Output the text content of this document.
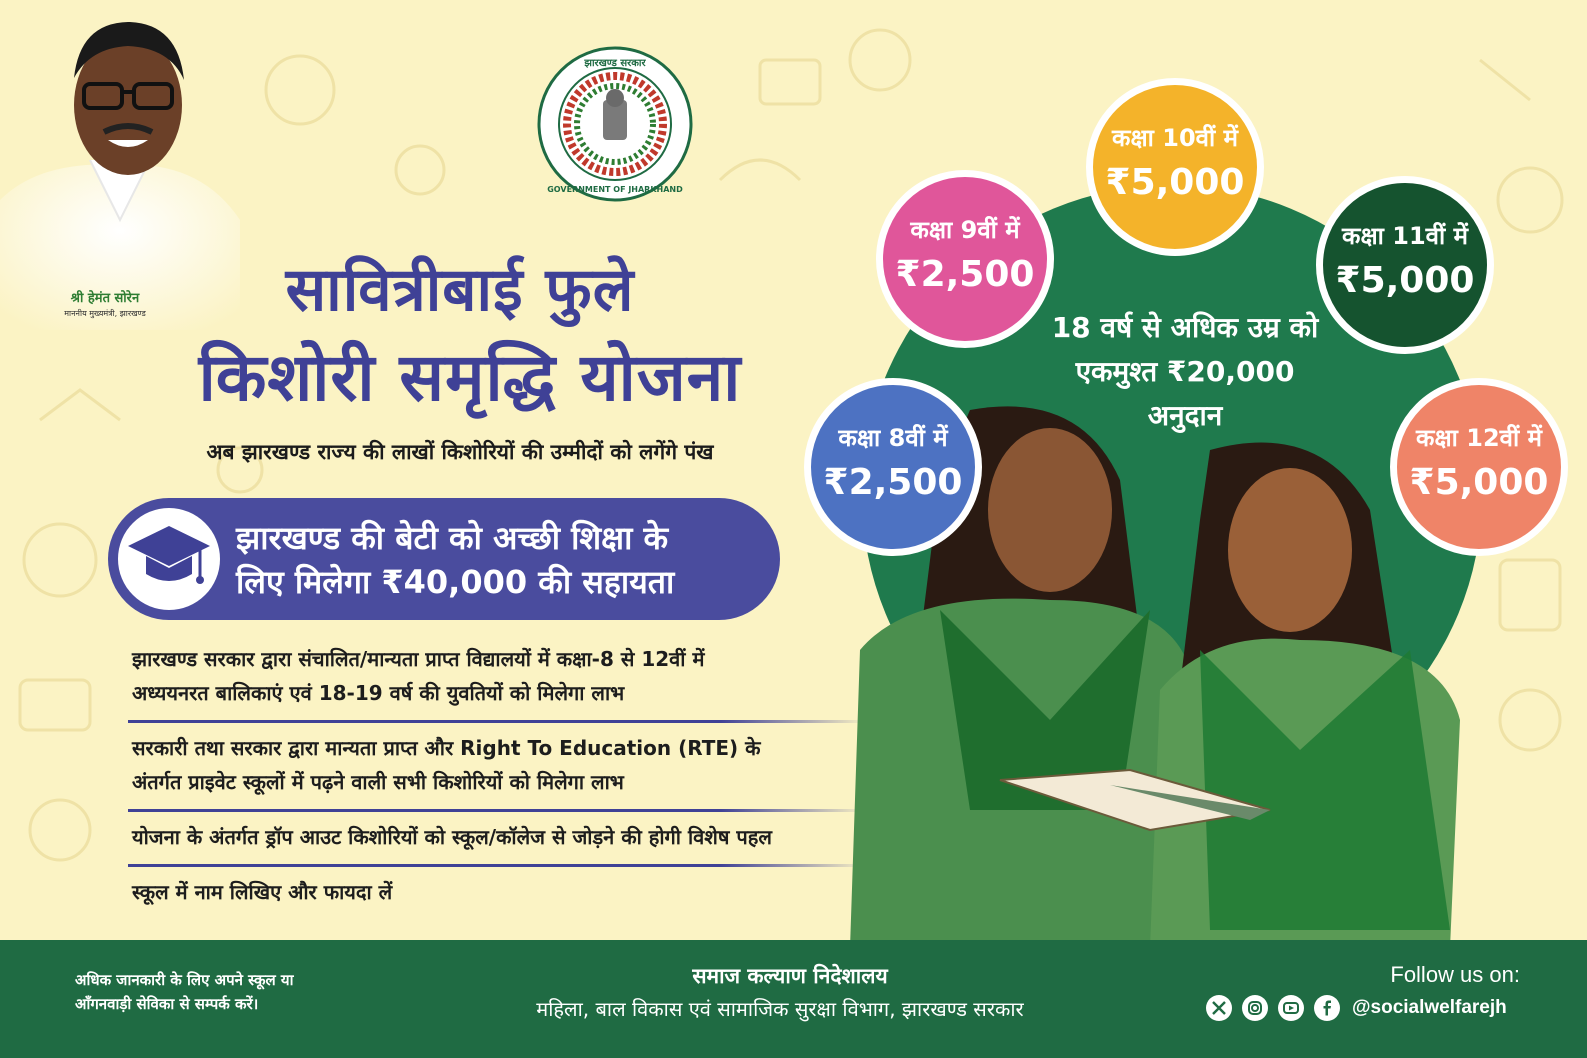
श्री हेमंत सोरेन
माननीय मुख्यमंत्री, झारखण्ड
झारखण्ड सरकार
GOVERNMENT OF JHARKHAND
सावित्रीबाई फुले
किशोरी समृद्धि योजना
अब झारखण्ड राज्य की लाखों किशोरियों की उम्मीदों को लगेंगे पंख
झारखण्ड की बेटी को अच्छी शिक्षा के
लिए मिलेगा ₹40,000 की सहायता
झारखण्ड सरकार द्वारा संचालित/मान्यता प्राप्त विद्यालयों में कक्षा-8 से 12वीं में
अध्ययनरत बालिकाएं एवं 18-19 वर्ष की युवतियों को मिलेगा लाभ
सरकारी तथा सरकार द्वारा मान्यता प्राप्त और Right To Education (RTE) के
अंतर्गत प्राइवेट स्कूलों में पढ़ने वाली सभी किशोरियों को मिलेगा लाभ
योजना के अंतर्गत ड्रॉप आउट किशोरियों को स्कूल/कॉलेज से जोड़ने की होगी विशेष पहल
स्कूल में नाम लिखिए और फायदा लें
18 वर्ष से अधिक उम्र को
एकमुश्त ₹20,000
अनुदान
कक्षा 9वीं में
₹2,500
कक्षा 10वीं में
₹5,000
कक्षा 11वीं में
₹5,000
कक्षा 8वीं में
₹2,500
कक्षा 12वीं में
₹5,000
अधिक जानकारी के लिए अपने स्कूल या
आँगनवाड़ी सेविका से सम्पर्क करें।
समाज कल्याण निदेशालय
महिला, बाल विकास एवं सामाजिक सुरक्षा विभाग, झारखण्ड सरकार
Follow us on:
@socialwelfarejh
